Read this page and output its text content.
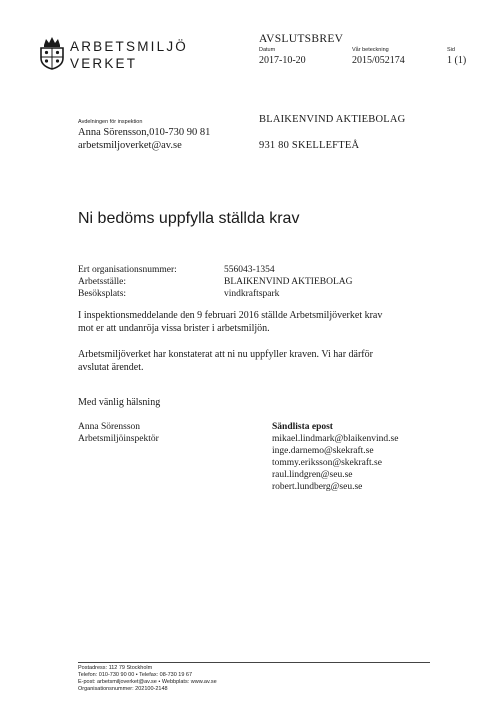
ARBETSMILJÖ
VERKET
AVSLUTSBREV
Datum
2017-10-20
Vår beteckning
2015/052174
Sid
1 (1)
Avdelningen för inspektion
Anna Sörensson,010-730 90 81
arbetsmiljoverket@av.se
BLAIKENVIND AKTIEBOLAG
931 80 SKELLEFTEÅ
Ni bedöms uppfylla ställda krav
Ert organisationsnummer:	556043-1354
Arbetsställe:	BLAIKENVIND AKTIEBOLAG
Besöksplats:	vindkraftspark
I inspektionsmeddelande den 9 februari 2016 ställde Arbetsmiljöverket krav
mot er att undanröja vissa brister i arbetsmiljön.
Arbetsmiljöverket har konstaterat att ni nu uppfyller kraven. Vi har därför
avslutat ärendet.
Med vänlig hälsning
Anna Sörensson
Arbetsmiljöinspektör
Sändlista epost
mikael.lindmark@blaikenvind.se
inge.darnemo@skekraft.se
tommy.eriksson@skekraft.se
raul.lindgren@seu.se
robert.lundberg@seu.se
Postadress: 112 79 Stockholm
Telefon: 010-730 90 00 • Telefax: 08-730 19 67
E-post: arbetsmiljoverket@av.se • Webbplats: www.av.se
Organisationsnummer: 202100-2148
